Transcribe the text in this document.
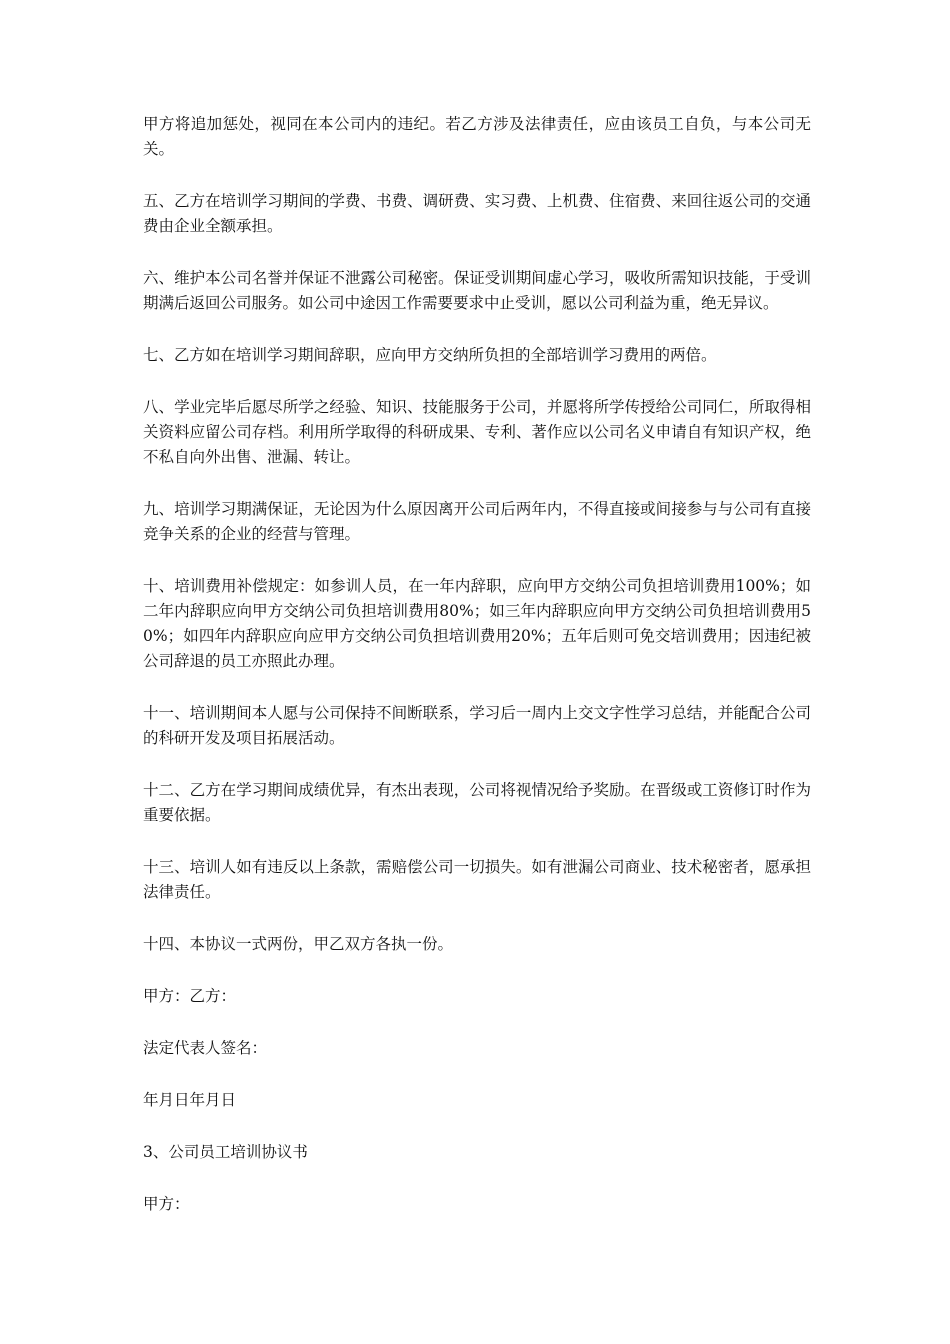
甲方将追加惩处，视同在本公司内的违纪。若乙方涉及法律责任，应由该员工自负，与本公司无关。

五、乙方在培训学习期间的学费、书费、调研费、实习费、上机费、住宿费、来回往返公司的交通费由企业全额承担。

六、维护本公司名誉并保证不泄露公司秘密。保证受训期间虚心学习，吸收所需知识技能，于受训期满后返回公司服务。如公司中途因工作需要要求中止受训，愿以公司利益为重，绝无异议。

七、乙方如在培训学习期间辞职，应向甲方交纳所负担的全部培训学习费用的两倍。

八、学业完毕后愿尽所学之经验、知识、技能服务于公司，并愿将所学传授给公司同仁，所取得相关资料应留公司存档。利用所学取得的科研成果、专利、著作应以公司名义申请自有知识产权，绝不私自向外出售、泄漏、转让。

九、培训学习期满保证，无论因为什么原因离开公司后两年内，不得直接或间接参与与公司有直接竞争关系的企业的经营与管理。

十、培训费用补偿规定：如参训人员，在一年内辞职，应向甲方交纳公司负担培训费用100%；如二年内辞职应向甲方交纳公司负担培训费用80%；如三年内辞职应向甲方交纳公司负担培训费用50%；如四年内辞职应向应甲方交纳公司负担培训费用20%；五年后则可免交培训费用；因违纪被公司辞退的员工亦照此办理。

十一、培训期间本人愿与公司保持不间断联系，学习后一周内上交文字性学习总结，并能配合公司的科研开发及项目拓展活动。

十二、乙方在学习期间成绩优异，有杰出表现，公司将视情况给予奖励。在晋级或工资修订时作为重要依据。

十三、培训人如有违反以上条款，需赔偿公司一切损失。如有泄漏公司商业、技术秘密者，愿承担法律责任。

十四、本协议一式两份，甲乙双方各执一份。

甲方：乙方：

法定代表人签名：

年月日年月日

3、公司员工培训协议书

甲方：
